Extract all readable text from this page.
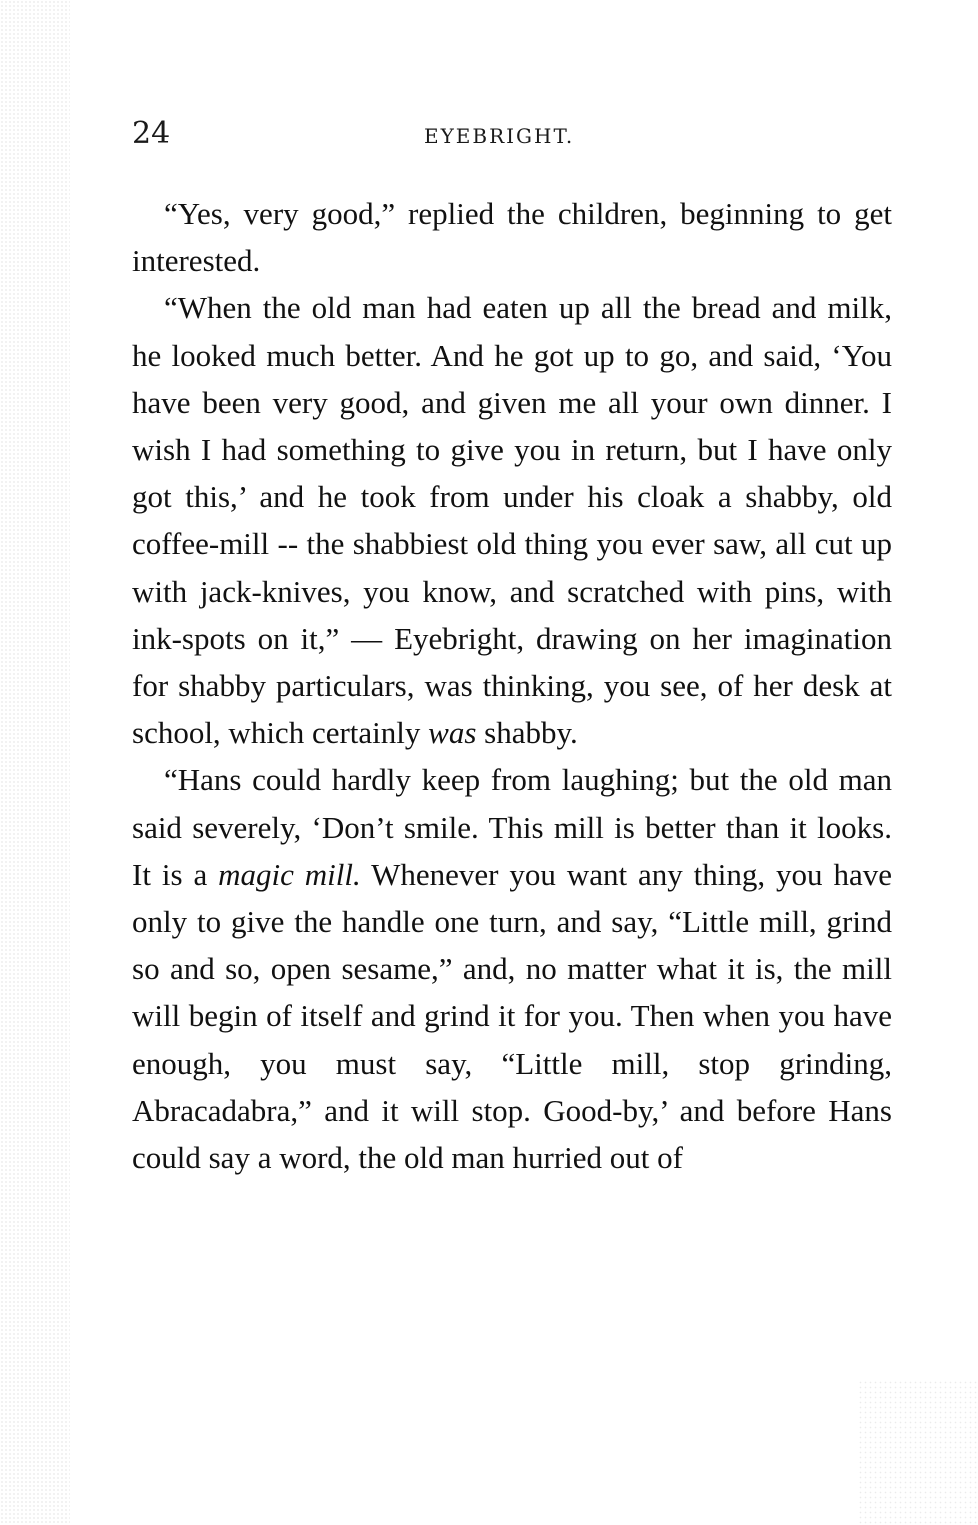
24	EYEBRIGHT.

“Yes, very good,” replied the children, beginning to get interested.

“When the old man had eaten up all the bread and milk, he looked much better. And he got up to go, and said, ‘You have been very good, and given me all your own dinner. I wish I had something to give you in return, but I have only got this,’ and he took from under his cloak a shabby, old coffee-mill -- the shabbiest old thing you ever saw, all cut up with jack-knives, you know, and scratched with pins, with ink-spots on it,” — Eyebright, drawing on her imagination for shabby particulars, was thinking, you see, of her desk at school, which certainly was shabby.

“Hans could hardly keep from laughing; but the old man said severely, ‘Don’t smile. This mill is better than it looks. It is a magic mill. Whenever you want any thing, you have only to give the handle one turn, and say, “Little mill, grind so and so, open sesame,” and, no matter what it is, the mill will begin of itself and grind it for you. Then when you have enough, you must say, “Little mill, stop grinding, Abracadabra,” and it will stop. Good-by,’ and before Hans could say a word, the old man hurried out of
